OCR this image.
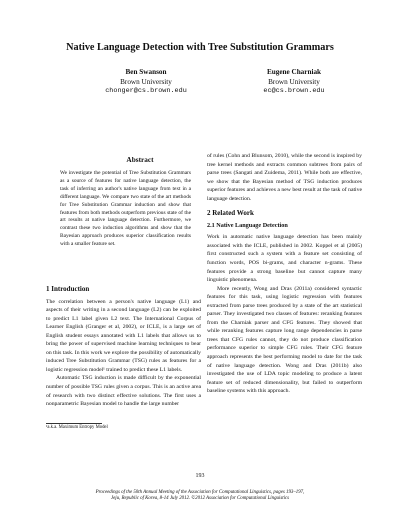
Native Language Detection with Tree Substitution Grammars
Ben Swanson
Brown University
chonger@cs.brown.edu
Eugene Charniak
Brown University
ec@cs.brown.edu
Abstract
We investigate the potential of Tree Substitution Grammars as a source of features for native language detection, the task of inferring an author's native language from text in a different language. We compare two state of the art methods for Tree Substitution Grammar induction and show that features from both methods outperform previous state of the art results at native language detection. Furthermore, we contrast these two induction algorithms and show that the Bayesian approach produces superior classification results with a smaller feature set.
1 Introduction

The correlation between a person's native language (L1) and aspects of their writing in a second language (L2) can be exploited to predict L1 label given L2 text. The International Corpus of Learner English (Granger et al, 2002), or ICLE, is a large set of English student essays annotated with L1 labels that allows us to bring the power of supervised machine learning techniques to bear on this task. In this work we explore the possibility of automatically induced Tree Substitution Grammar (TSG) rules as features for a logistic regression model¹ trained to predict these L1 labels.

Automatic TSG induction is made difficult by the exponential number of possible TSG rules given a corpus. This is an active area of research with two distinct effective solutions. The first uses a nonparametric Bayesian model to handle the large number

¹a.k.a. Maximum Entropy Model

of rules (Cohn and Blunsom, 2010), while the second is inspired by tree kernel methods and extracts common subtrees from pairs of parse trees (Sangati and Zuidema, 2011). While both are effective, we show that the Bayesian method of TSG induction produces superior features and achieves a new best result at the task of native language detection.

2 Related Work
2.1 Native Language Detection

Work in automatic native language detection has been mainly associated with the ICLE, published in 2002. Koppel et al (2005) first constructed such a system with a feature set consisting of function words, POS bi-grams, and character n-grams. These features provide a strong baseline but cannot capture many linguistic phenomena.

More recently, Wong and Dras (2011a) considered syntactic features for this task, using logistic regression with features extracted from parse trees produced by a state of the art statistical parser. They investigated two classes of features: reranking features from the Charniak parser and CFG features. They showed that while reranking features capture long range dependencies in parse trees that CFG rules cannot, they do not produce classification performance superior to simple CFG rules. Their CFG feature approach represents the best performing model to date for the task of native language detection. Wong and Dras (2011b) also investigated the use of LDA topic modeling to produce a latent feature set of reduced dimensionality, but failed to outperform baseline systems with this approach.

193
Proceedings of the 50th Annual Meeting of the Association for Computational Linguistics, pages 193–197,
Jeju, Republic of Korea, 8-14 July 2012. ©2012 Association for Computational Linguistics
